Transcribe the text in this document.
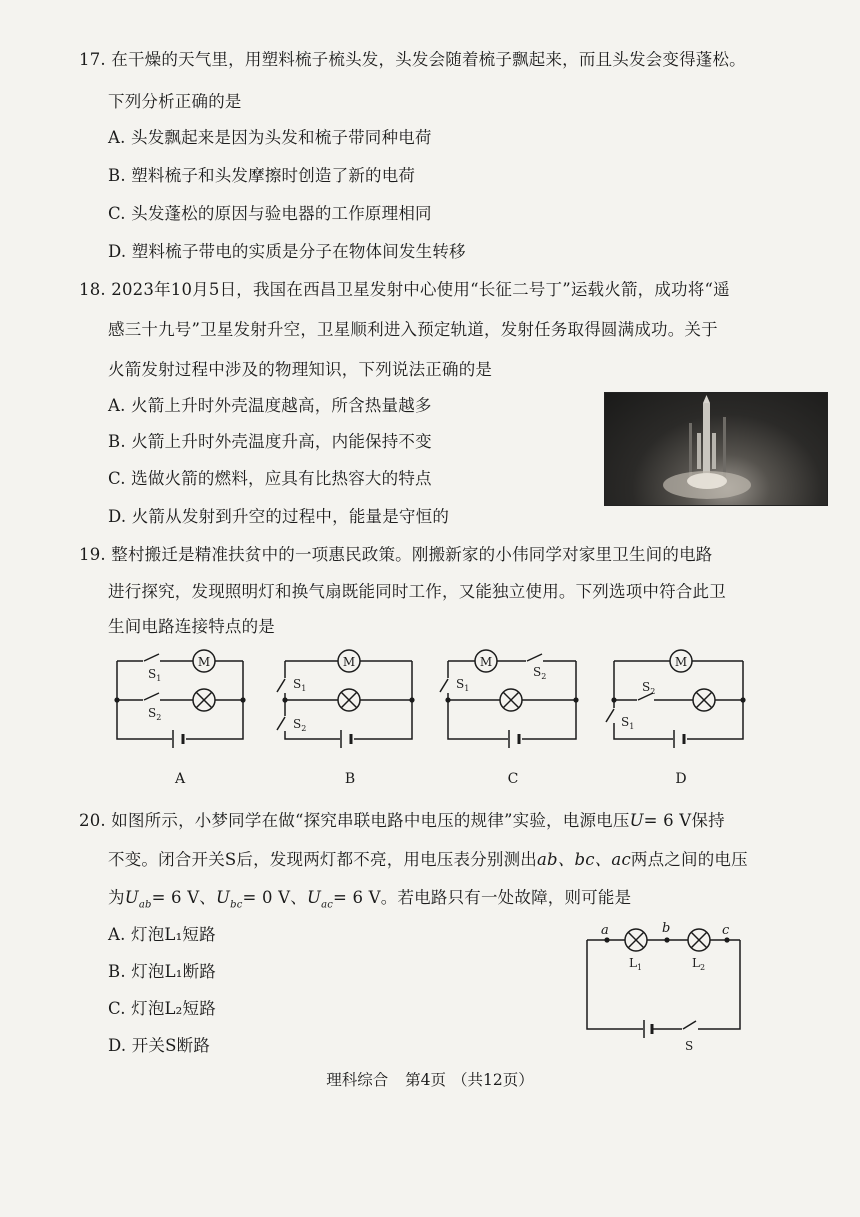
17. 在干燥的天气里，用塑料梳子梳头发，头发会随着梳子飘起来，而且头发会变得蓬松。
下列分析正确的是
A. 头发飘起来是因为头发和梳子带同种电荷
B. 塑料梳子和头发摩擦时创造了新的电荷
C. 头发蓬松的原因与验电器的工作原理相同
D. 塑料梳子带电的实质是分子在物体间发生转移
18. 2023年10月5日，我国在西昌卫星发射中心使用“长征二号丁”运载火箭，成功将“遥
感三十九号”卫星发射升空，卫星顺利进入预定轨道，发射任务取得圆满成功。关于
火箭发射过程中涉及的物理知识，下列说法正确的是
A. 火箭上升时外壳温度越高，所含热量越多
B. 火箭上升时外壳温度升高，内能保持不变
C. 选做火箭的燃料，应具有比热容大的特点
D. 火箭从发射到升空的过程中，能量是守恒的
19. 整村搬迁是精准扶贫中的一项惠民政策。刚搬新家的小伟同学对家里卫生间的电路
进行探究，发现照明灯和换气扇既能同时工作，又能独立使用。下列选项中符合此卫
生间电路连接特点的是
M	M	M	M
$S_1$
$S_2$
$S_1$
$S_2$
$S_1$
$S_2$
$S_2$
$S_1$
A	B	C	D
20. 如图所示，小梦同学在做“探究串联电路中电压的规律”实验，电源电压U= 6 V保持
不变。闭合开关S后，发现两灯都不亮，用电压表分别测出ab、bc、ac两点之间的电压
为$U_{ab}= 6$ V、$U_{bc}= 0$ V、$U_{ac}= 6$ V。若电路只有一处故障，则可能是
A. 灯泡L₁短路
B. 灯泡L₁断路
C. 灯泡L₂短路
D. 开关S断路
a	b	c
$L_1$	$L_2$
S
理科综合 第4页 （共12页）
